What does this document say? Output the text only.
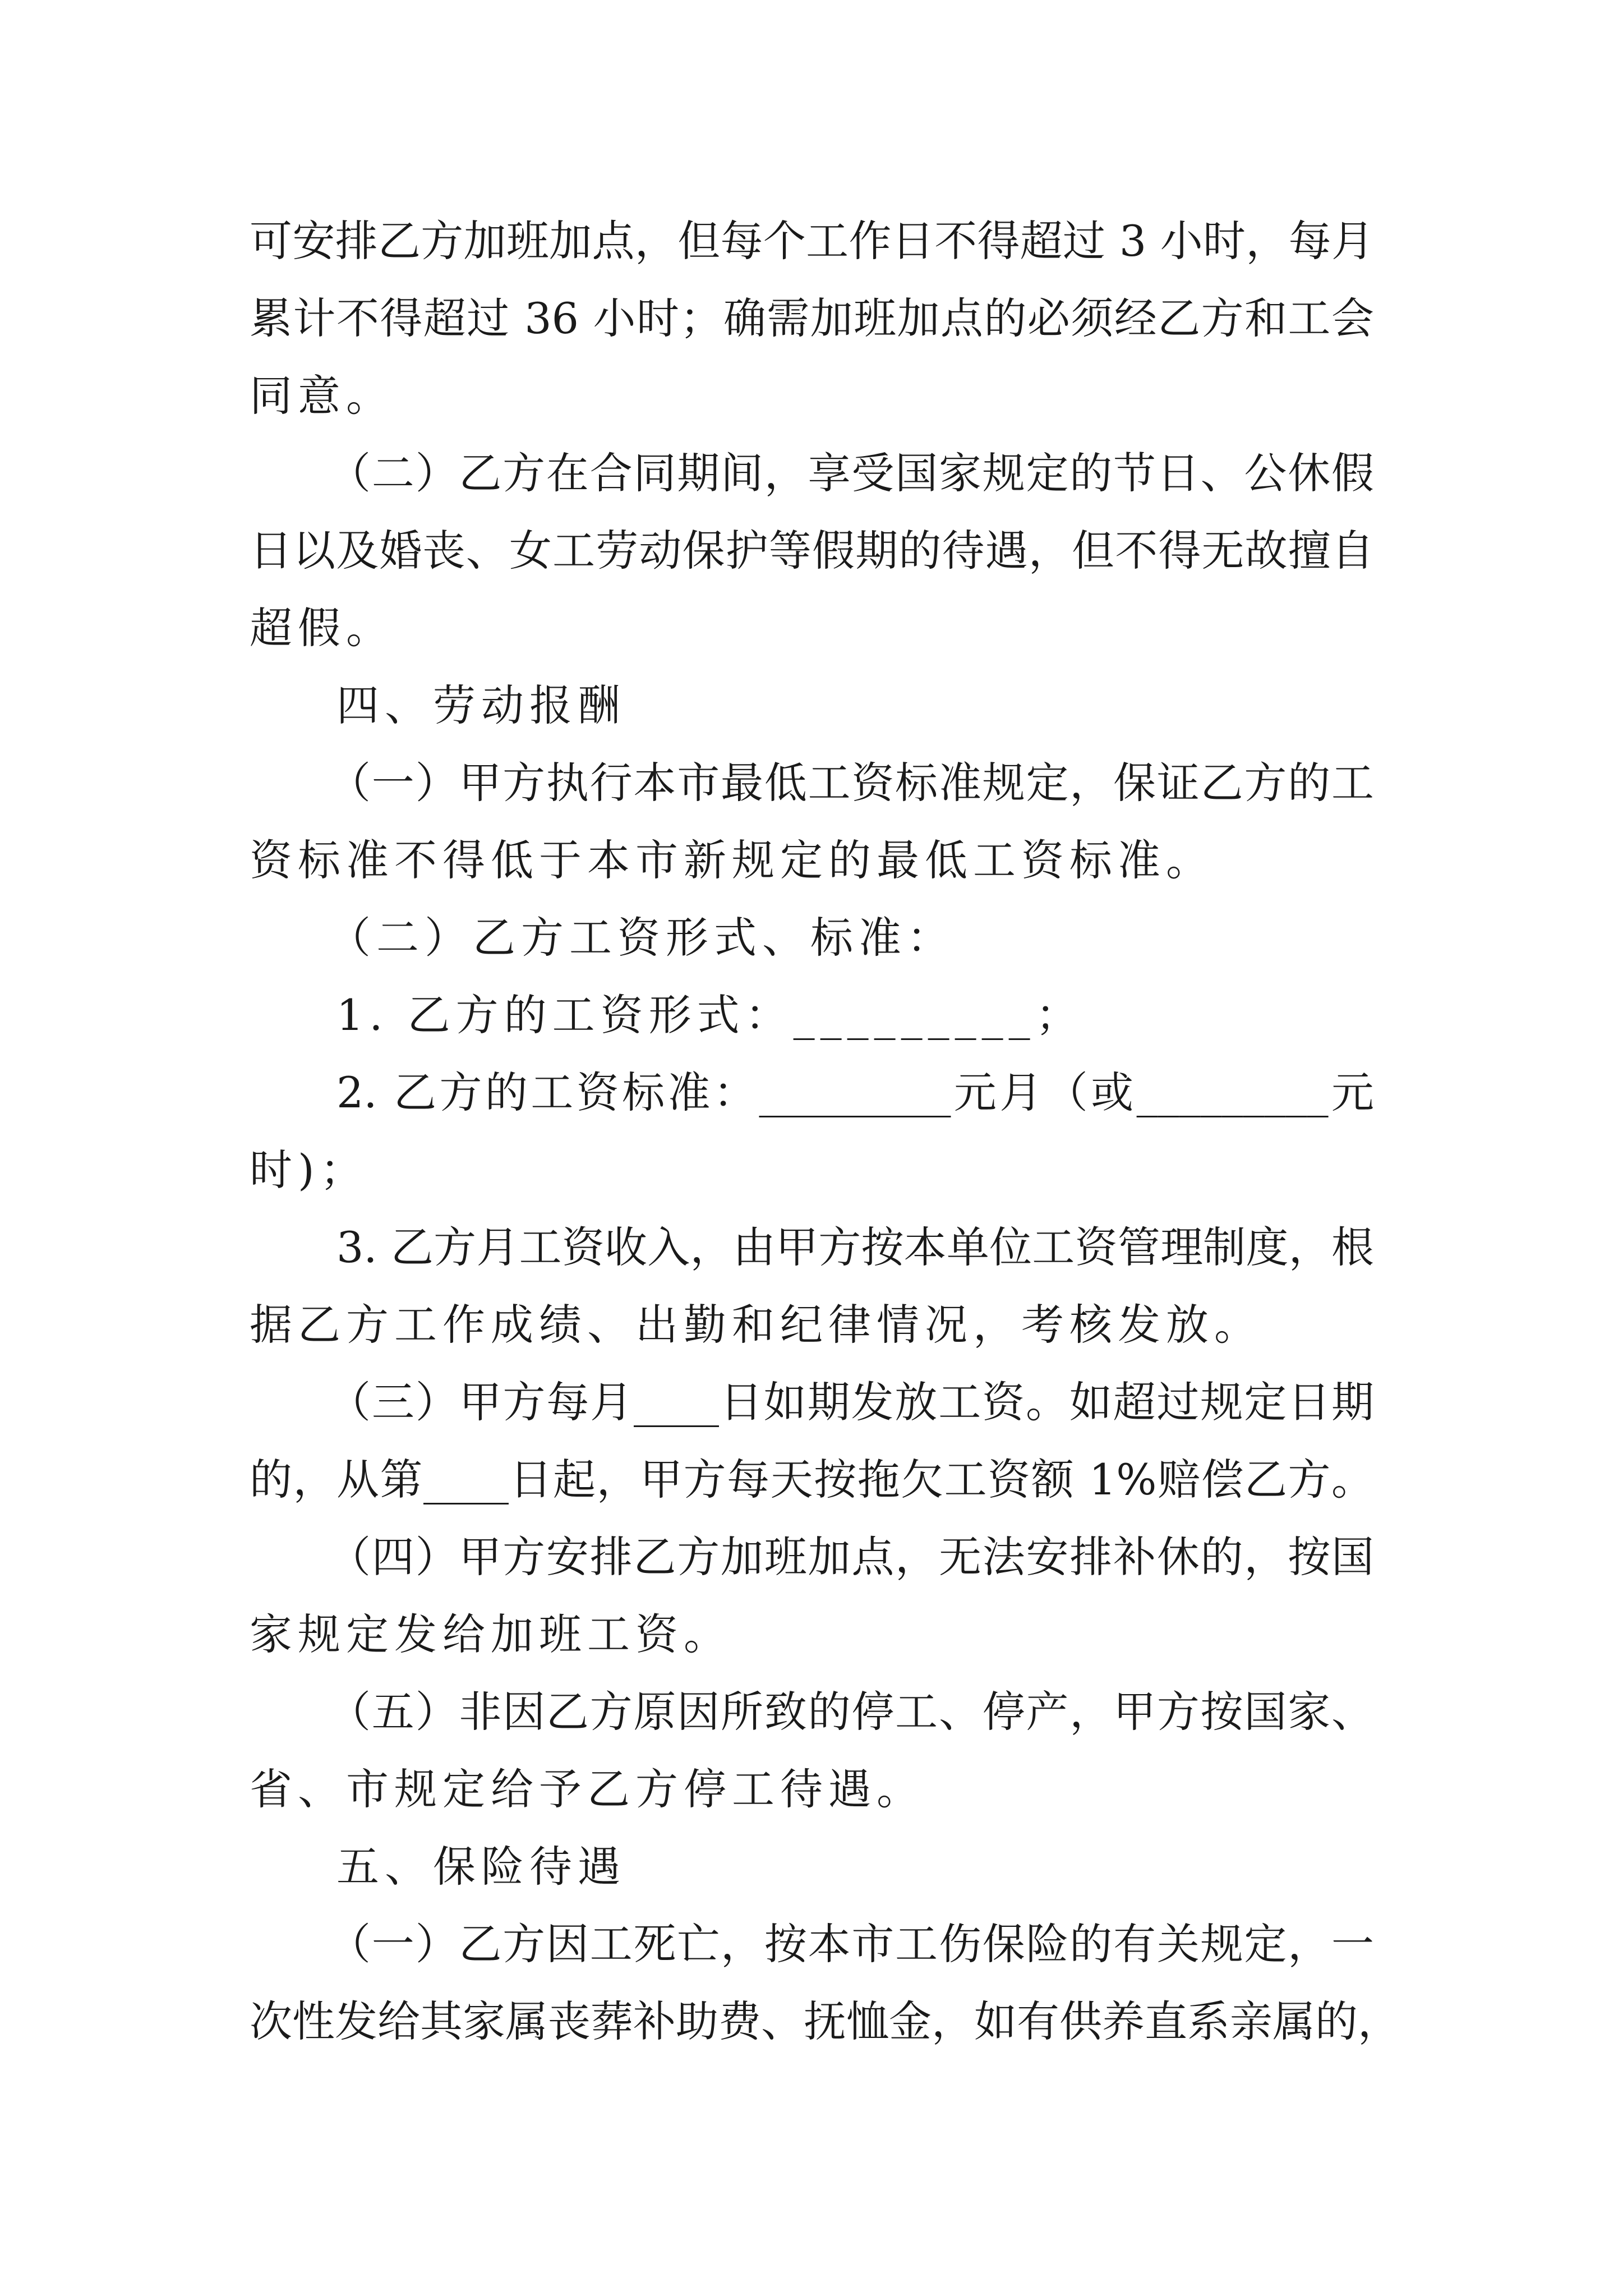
可安排乙方加班加点，但每个工作日不得超过 3 小时，每月
累计不得超过 36 小时；确需加班加点的必须经乙方和工会
同意。
（二）乙方在合同期间，享受国家规定的节日、公休假
日以及婚丧、女工劳动保护等假期的待遇，但不得无故擅自
超假。
四、劳动报酬
（一）甲方执行本市最低工资标准规定，保证乙方的工
资标准不得低于本市新规定的最低工资标准。
（二）乙方工资形式、标准：
1. 乙方的工资形式：_________；
2. 乙方的工资标准：_________元月（或_________元
时)；
3. 乙方月工资收入，由甲方按本单位工资管理制度，根
据乙方工作成绩、出勤和纪律情况，考核发放。
（三）甲方每月____日如期发放工资。如超过规定日期
的，从第____日起，甲方每天按拖欠工资额 1%赔偿乙方。
（四）甲方安排乙方加班加点，无法安排补休的，按国
家规定发给加班工资。
（五）非因乙方原因所致的停工、停产，甲方按国家、
省、市规定给予乙方停工待遇。
五、保险待遇
（一）乙方因工死亡，按本市工伤保险的有关规定，一
次性发给其家属丧葬补助费、抚恤金，如有供养直系亲属的，
